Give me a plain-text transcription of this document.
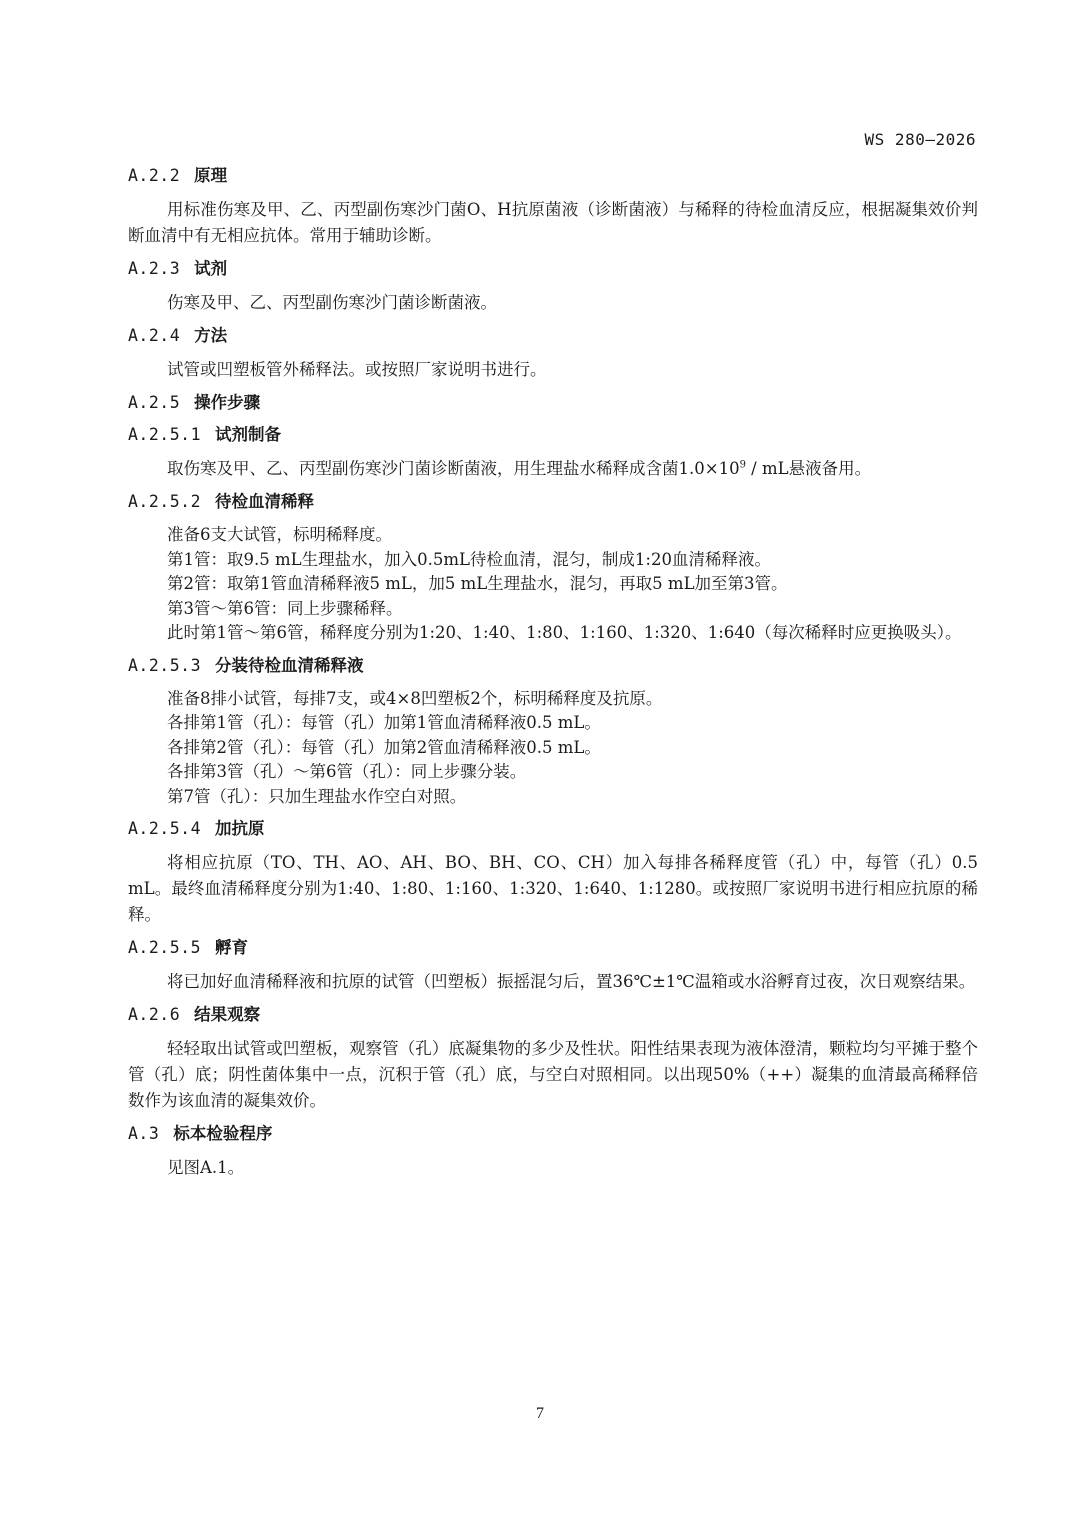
WS 280—2026
A.2.2 原理

用标准伤寒及甲、乙、丙型副伤寒沙门菌O、H抗原菌液（诊断菌液）与稀释的待检血清反应，根据凝集效价判断血清中有无相应抗体。常用于辅助诊断。

A.2.3 试剂

伤寒及甲、乙、丙型副伤寒沙门菌诊断菌液。

A.2.4 方法

试管或凹塑板管外稀释法。或按照厂家说明书进行。

A.2.5 操作步骤
A.2.5.1 试剂制备

取伤寒及甲、乙、丙型副伤寒沙门菌诊断菌液，用生理盐水稀释成含菌$1.0\times 10^9$ / mL悬液备用。

A.2.5.2 待检血清稀释

准备6支大试管，标明稀释度。

第1管：取9.5 mL生理盐水，加入0.5mL待检血清，混匀，制成1:20血清稀释液。

第2管：取第1管血清稀释液5 mL，加5 mL生理盐水，混匀，再取5 mL加至第3管。

第3管～第6管：同上步骤稀释。

此时第1管～第6管，稀释度分别为1:20、1:40、1:80、1:160、1:320、1:640（每次稀释时应更换吸头）。

A.2.5.3 分装待检血清稀释液

准备8排小试管，每排7支，或4×8凹塑板2个，标明稀释度及抗原。

各排第1管（孔）：每管（孔）加第1管血清稀释液0.5 mL。

各排第2管（孔）：每管（孔）加第2管血清稀释液0.5 mL。

各排第3管（孔）～第6管（孔）：同上步骤分装。

第7管（孔）：只加生理盐水作空白对照。

A.2.5.4 加抗原

将相应抗原（TO、TH、AO、AH、BO、BH、CO、CH）加入每排各稀释度管（孔）中，每管（孔）0.5 mL。最终血清稀释度分别为1:40、1:80、1:160、1:320、1:640、1:1280。或按照厂家说明书进行相应抗原的稀释。

A.2.5.5 孵育

将已加好血清稀释液和抗原的试管（凹塑板）振摇混匀后，置36℃±1℃温箱或水浴孵育过夜，次日观察结果。

A.2.6 结果观察

轻轻取出试管或凹塑板，观察管（孔）底凝集物的多少及性状。阳性结果表现为液体澄清，颗粒均匀平摊于整个管（孔）底；阴性菌体集中一点，沉积于管（孔）底，与空白对照相同。以出现50%（++）凝集的血清最高稀释倍数作为该血清的凝集效价。

A.3 标本检验程序

见图A.1。

7
